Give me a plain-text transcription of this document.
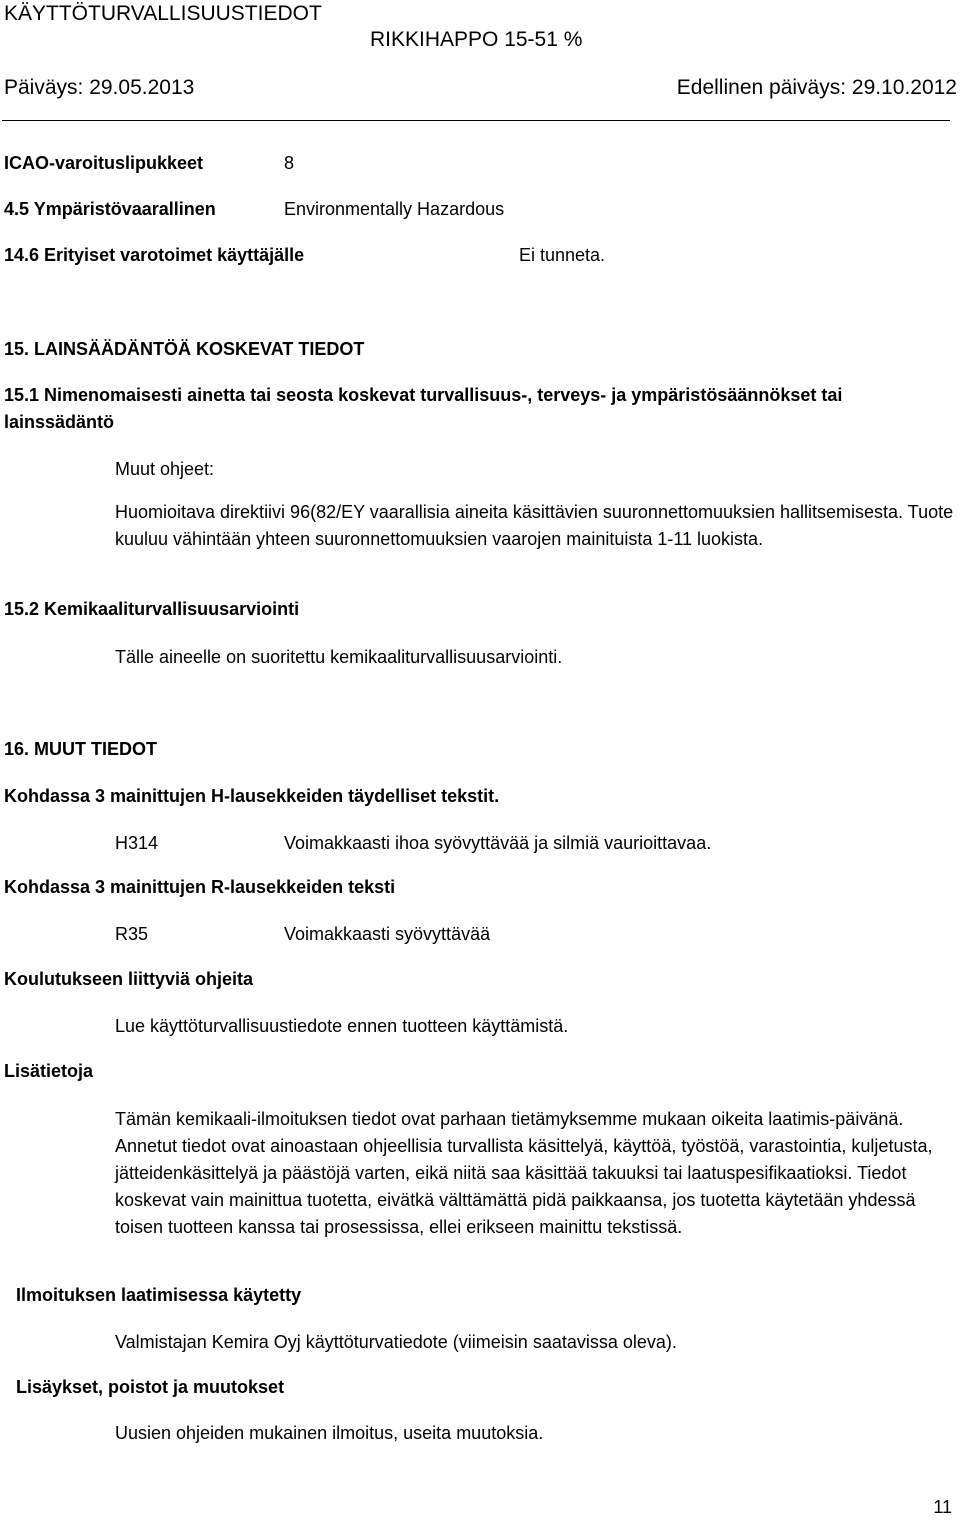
KÄYTTÖTURVALLISUUSTIEDOT
RIKKIHAPPO 15-51 %
Päiväys: 29.05.2013	Edellinen päiväys: 29.10.2012
ICAO-varoituslipukkeet	8
4.5 Ympäristövaarallinen	Environmentally Hazardous
14.6 Erityiset varotoimet käyttäjälle	Ei tunneta.
15. LAINSÄÄDÄNTÖÄ KOSKEVAT TIEDOT
15.1 Nimenomaisesti ainetta tai seosta koskevat turvallisuus-, terveys- ja ympäristösäännökset tai
lainssädäntö
Muut ohjeet:

Huomioitava direktiivi 96(82/EY vaarallisia aineita käsittävien suuronnettomuuksien hallitsemisesta. Tuote kuuluu vähintään yhteen suuronnettomuuksien vaarojen mainituista 1-11 luokista.

15.2 Kemikaaliturvallisuusarviointi
Tälle aineelle on suoritettu kemikaaliturvallisuusarviointi.
16. MUUT TIEDOT
Kohdassa 3 mainittujen H-lausekkeiden täydelliset tekstit.
H314	Voimakkaasti ihoa syövyttävää ja silmiä vaurioittavaa.
Kohdassa 3 mainittujen R-lausekkeiden teksti
R35	Voimakkaasti syövyttävää
Koulutukseen liittyviä ohjeita
Lue käyttöturvallisuustiedote ennen tuotteen käyttämistä.
Lisätietoja

Tämän kemikaali-ilmoituksen tiedot ovat parhaan tietämyksemme mukaan oikeita laatimis-päivänä. Annetut tiedot ovat ainoastaan ohjeellisia turvallista käsittelyä, käyttöä, työstöä, varastointia, kuljetusta, jätteidenkäsittelyä ja päästöjä varten, eikä niitä saa käsittää takuuksi tai laatuspesifikaatioksi. Tiedot koskevat vain mainittua tuotetta, eivätkä välttämättä pidä paikkaansa, jos tuotetta käytetään yhdessä toisen tuotteen kanssa tai prosessissa, ellei erikseen mainittu tekstissä.

Ilmoituksen laatimisessa käytetty
Valmistajan Kemira Oyj käyttöturvatiedote (viimeisin saatavissa oleva).
Lisäykset, poistot ja muutokset
Uusien ohjeiden mukainen ilmoitus, useita muutoksia.
11
